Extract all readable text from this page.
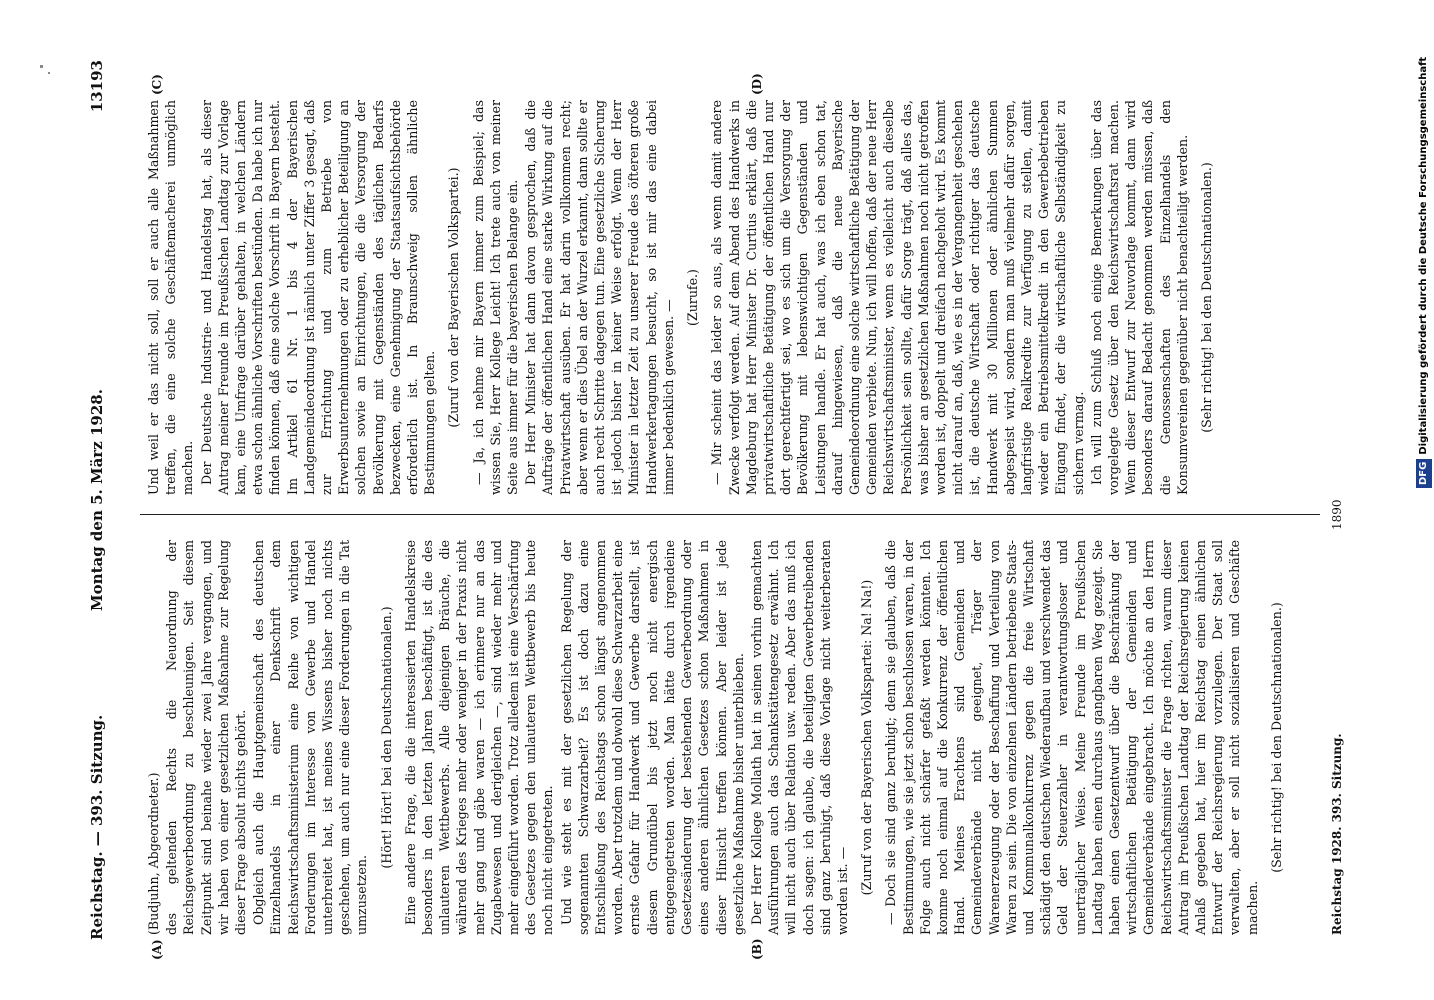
Reichstag. — 393. Sitzung.
Montag den 5. März 1928.
13193
(A)	(B)
(C)	(D)

(Budjuhn, Abgeordneter.) des geltenden Rechts die Neuordnung der Reichsgewerbeordnung zu beschleunigen. Seit diesem Zeitpunkt sind beinahe wieder zwei Jahre vergangen, und wir haben von einer gesetzlichen Maßnahme zur Regelung dieser Frage absolut nichts gehört. Obgleich auch die Hauptgemeinschaft des deutschen Einzelhandels in einer Denkschrift dem Reichswirtschaftsministerium eine Reihe von wichtigen Forderungen im Interesse von Gewerbe und Handel unterbreitet hat, ist meines Wissens bisher noch nichts geschehen, um auch nur eine dieser Forderungen in die Tat umzusetzen.

(Hört! Hört! bei den Deutschnationalen.) Eine andere Frage, die die interessierten Handelskreise besonders in den letzten Jahren beschäftigt, ist die des unlauteren Wettbewerbs. Alle diejenigen Bräuche, die während des Krieges mehr oder weniger in der Praxis nicht mehr gang und gäbe waren — ich erinnere nur an das Zugabewesen und derigleichen —, sind wieder mehr und mehr eingeführt worden. Trotz alledem ist eine Verschärfung des Gesetzes gegen den unlauteren Wettbewerb bis heute noch nicht eingetreten. Und wie steht es mit der gesetzlichen Regelung der sogenannten Schwarzarbeit? Es ist doch dazu eine Entschließung des Reichstags schon längst angenommen worden. Aber trotzdem und obwohl diese Schwarzarbeit eine ernste Gefahr für Handwerk und Gewerbe darstellt, ist diesem Grundübel bis jetzt noch nicht energisch entgegengetreten worden. Man hätte durch irgendeine Gesetzesänderung der bestehenden Gewerbeordnung oder eines anderen ähnlichen Gesetzes schon Maßnahmen in dieser Hinsicht treffen können. Aber leider ist jede gesetzliche Maßnahme bisher unterblieben. Der Herr Kollege Mollath hat in seinen vorhin gemachten Ausführungen auch das Schankstättengesetz erwähnt. Ich will nicht auch über Relation usw. reden. Aber das muß ich doch sagen: ich glaube, die beteiligten Gewerbetreibenden sind ganz beruhigt, daß diese Vorlage nicht weiterberaten worden ist. — (Zuruf von der Bayerischen Volkspartei: Na! Na!) — Doch sie sind ganz beruhigt; denn sie glauben, daß die Bestimmungen, wie sie jetzt schon beschlossen waren, in der Folge auch nicht schärfer gefaßt werden könnten. Ich komme noch einmal auf die Konkurrenz der öffentlichen Hand. Meines Erachtens sind Gemeinden und Gemeindeverbände nicht geeignet, Träger der Warenerzeugung oder der Beschaffung und Verteilung von Waren zu sein. Die von einzelnen Ländern betriebene Staats- und Kommunalkonkurrenz gegen die freie Wirtschaft schädigt den deutschen Wiederaufbau und verschwendet das Geld der Steuerzahler in verantwortungsloser und unerträglicher Weise. Meine Freunde im Preußischen Landtag haben einen durchaus gangbaren Weg gezeigt. Sie haben einen Gesetzentwurf über die Beschränkung der wirtschaftlichen Betätigung der Gemeinden und Gemeindeverbände eingebracht. Ich möchte an den Herrn Reichswirtschaftsminister die Frage richten, warum dieser Antrag im Preußischen Landtag der Reichsregierung keinen Anlaß gegeben hat, hier im Reichstag einen ähnlichen Entwurf der Reichsregierung vorzulegen. Der Staat soll verwalten, aber er soll nicht sozialisieren und Geschäfte machen.

(Sehr richtig! bei den Deutschnationalen.)

Und weil er das nicht soll, soll er auch alle Maßnahmen treffen, die eine solche Geschäftemacherei unmöglich machen. Der Deutsche Industrie- und Handelstag hat, als dieser Antrag meiner Freunde im Preußischen Landtag zur Vorlage kam, eine Umfrage darüber gehalten, in welchen Ländern etwa schon ähnliche Vorschriften bestünden. Da habe ich nur finden können, daß eine solche Vorschrift in Bayern besteht. Im Artikel 61 Nr. 1 bis 4 der Bayerischen Landgemeindeordnung ist nämlich unter Ziffer 3 gesagt, daß zur Errichtung und zum Betriebe von Erwerbsunternehmungen oder zu erheblicher Beteiligung an solchen sowie an Einrichtungen, die die Versorgung der Bevölkerung mit Gegenständen des täglichen Bedarfs bezwecken, eine Genehmigung der Staatsaufsichtsbehörde erforderlich ist. In Braunschweig sollen ähnliche Bestimmungen gelten. (Zuruf von der Bayerischen Volkspartei.) — Ja, ich nehme mir Bayern immer zum Beispiel; das wissen Sie, Herr Kollege Leicht! Ich trete auch von meiner Seite aus immer für die bayerischen Belange ein. Der Herr Minister hat dann davon gesprochen, daß die Aufträge der öffentlichen Hand eine starke Wirkung auf die Privatwirtschaft ausüben. Er hat darin vollkommen recht; aber wenn er dies Übel an der Wurzel erkannt, dann sollte er auch recht Schritte dagegen tun. Eine gesetzliche Sicherung ist jedoch bisher in keiner Weise erfolgt. Wenn der Herr Minister in letzter Zeit zu unserer Freude des öfteren große Handwerkertagungen besucht, so ist mir das eine dabei immer bedenklich gewesen. —

(Zurufe.) — Mir scheint das leider so aus, als wenn damit andere Zwecke verfolgt werden. Auf dem Abend des Handwerks in Magdeburg hat Herr Minister Dr. Curtius erklärt, daß die privatwirtschaftliche Betätigung der öffentlichen Hand nur dort gerechtfertigt sei, wo es sich um die Versorgung der Bevölkerung mit lebenswichtigen Gegenständen und Leistungen handle. Er hat auch, was ich eben schon tat, darauf hingewiesen, daß die neue Bayerische Gemeindeordnung eine solche wirtschaftliche Betätigung der Gemeinden verbiete. Nun, ich will hoffen, daß der neue Herr Reichswirtschaftsminister, wenn es vielleicht auch dieselbe Persönlichkeit sein sollte, dafür Sorge trägt, daß alles das, was bisher an gesetzlichen Maßnahmen noch nicht getroffen worden ist, doppelt und dreifach nachgeholt wird. Es kommt nicht darauf an, daß, wie es in der Vergangenheit geschehen ist, die deutsche Wirtschaft oder richtiger das deutsche Handwerk mit 30 Millionen oder ähnlichen Summen abgespeist wird, sondern man muß vielmehr dafür sorgen, langfristige Realkredite zur Verfügung zu stellen, damit wieder ein Betriebsmittelkredit in den Gewerbebetrieben Eingang findet, der die wirtschaftliche Selbständigkeit zu sichern vermag. Ich will zum Schluß noch einige Bemerkungen über das vorgelegte Gesetz über den Reichswirtschaftsrat machen. Wenn dieser Entwurf zur Neuvorlage kommt, dann wird besonders darauf Bedacht genommen werden müssen, daß die Genossenschaften des Einzelhandels den Konsumvereinen gegenüber nicht benachteiligt werden. (Sehr richtig! bei den Deutschnationalen.)

Reichstag 1928. 393. Sitzung.
1890
DFGDigitalisierung gefördert durch die Deutsche Forschungsgemeinschaft
